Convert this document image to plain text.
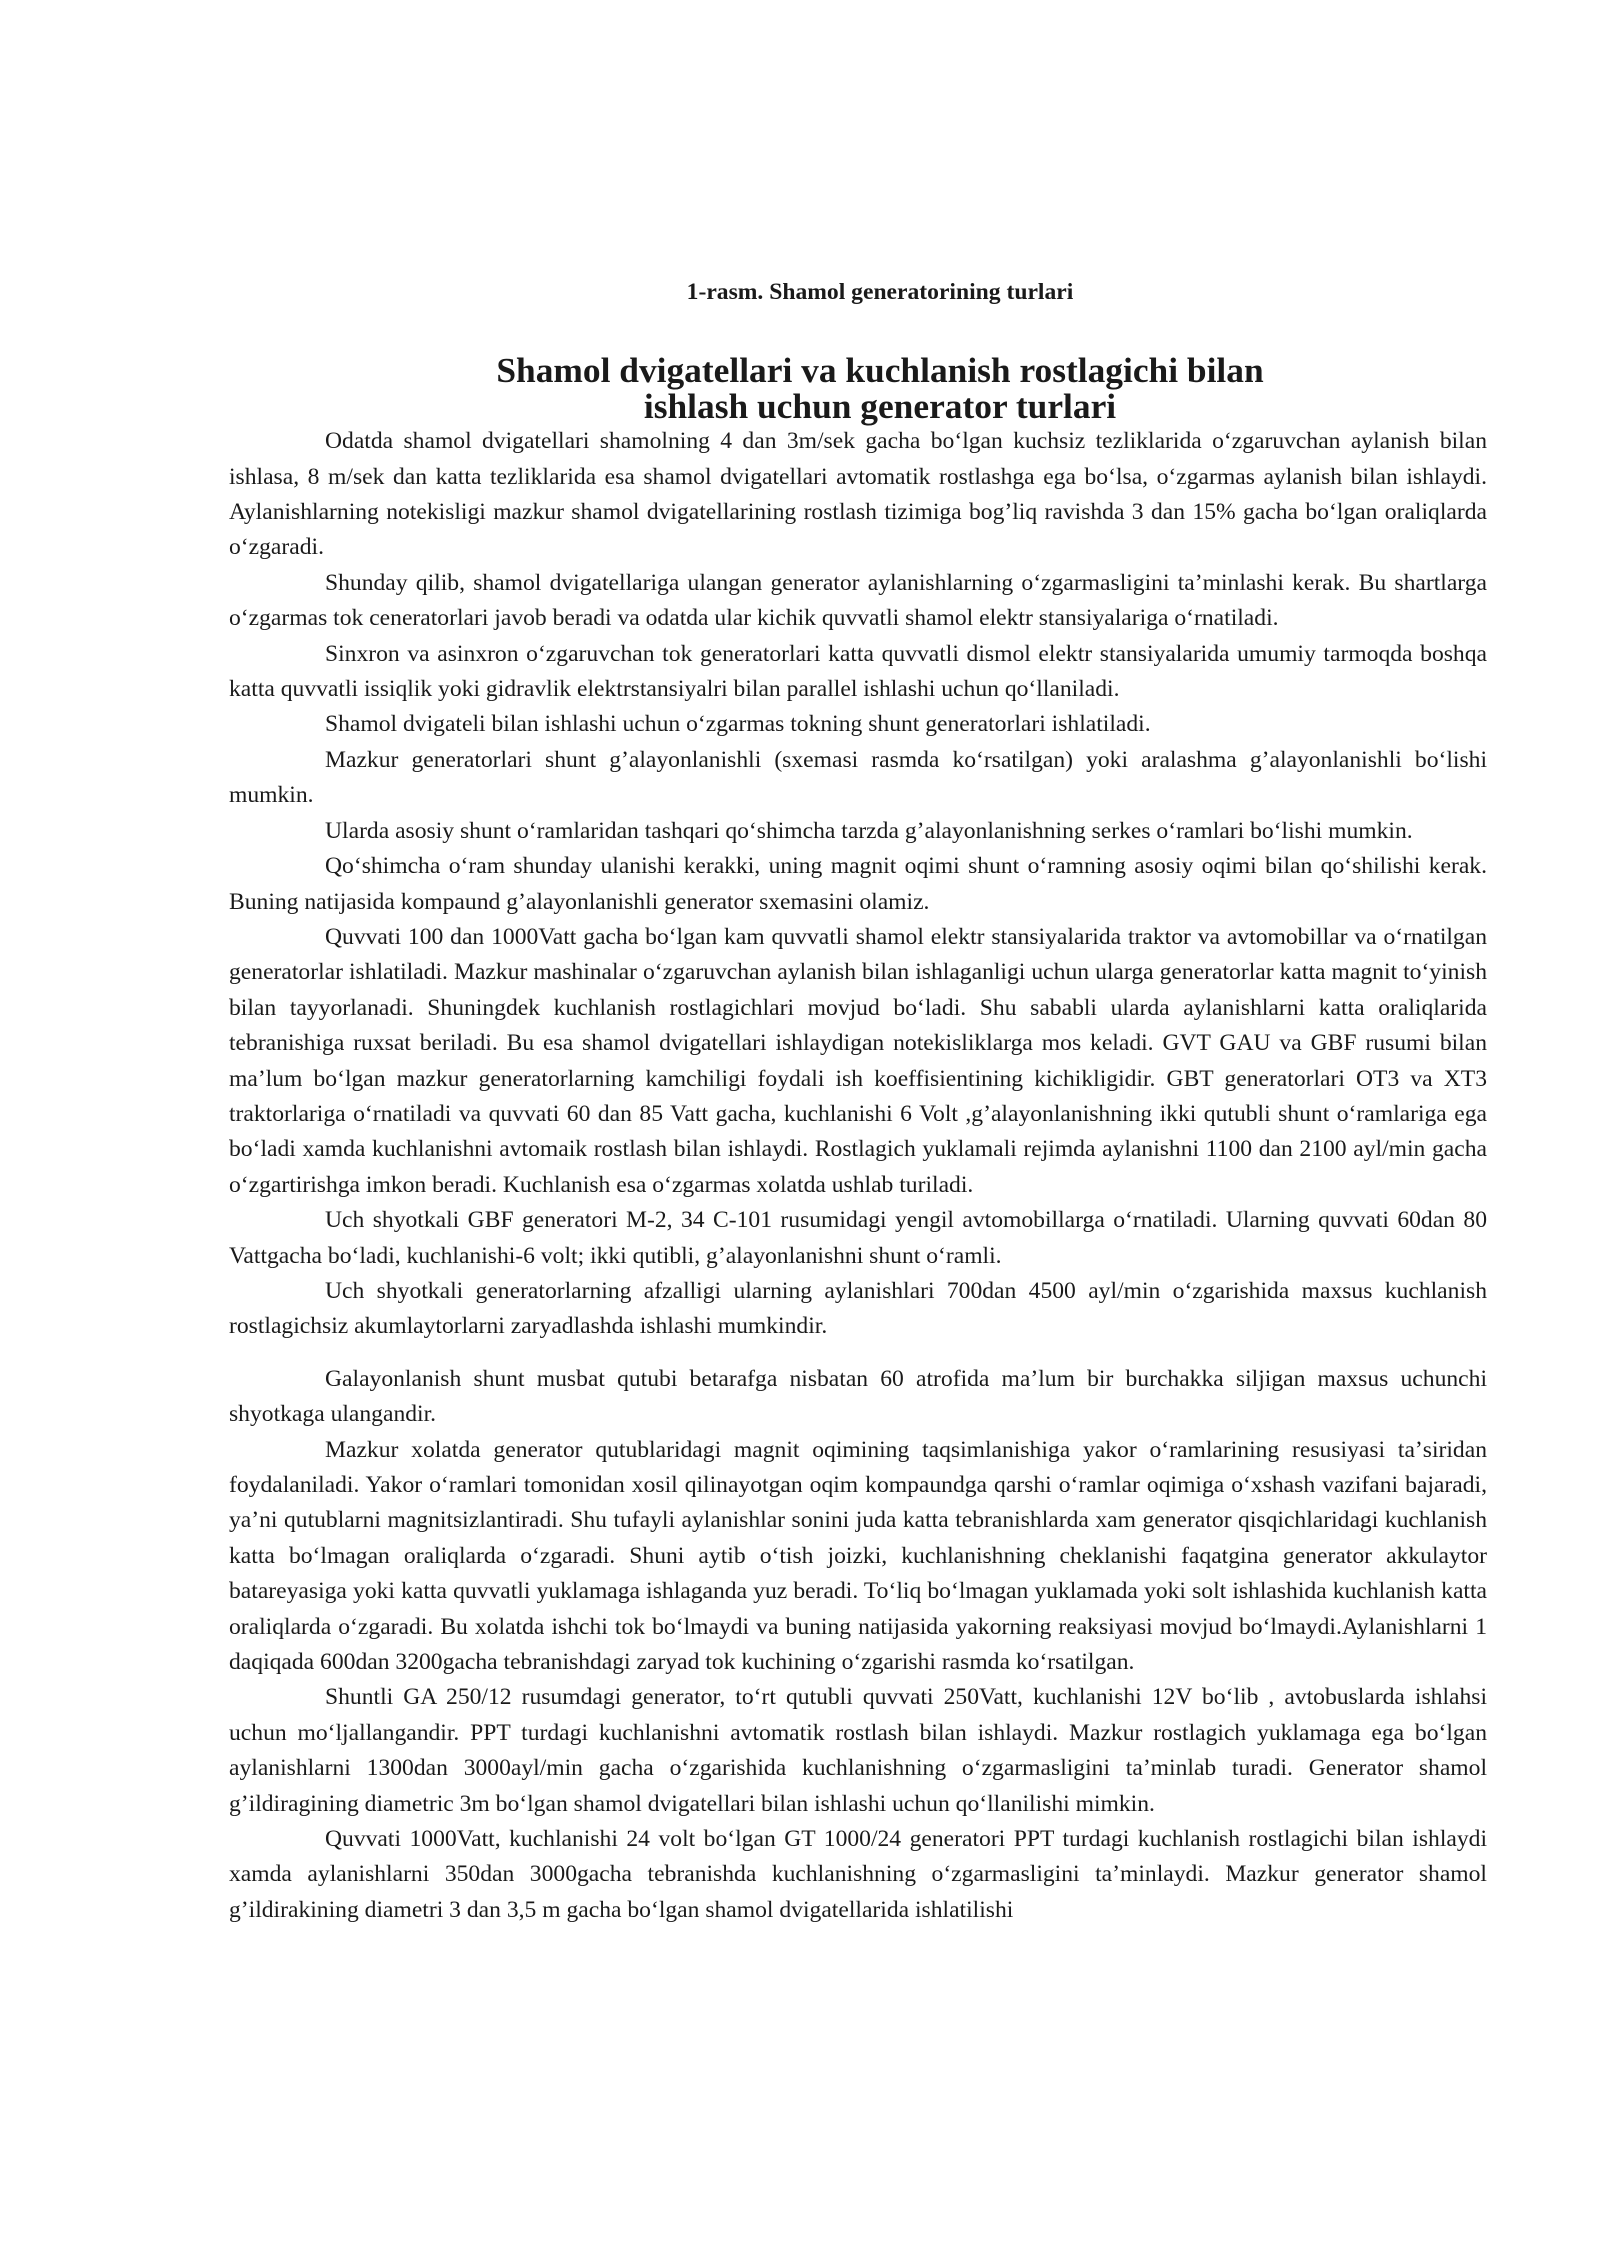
1-rasm. Shamol generatorining turlari

Shamol dvigatellari va kuchlanish rostlagichi bilan
ishlash uchun generator turlari

Odatda shamol dvigatellari shamolning 4 dan 3m/sek gacha boʻlgan kuchsiz tezliklarida oʻzgaruvchan aylanish bilan ishlasa, 8 m/sek dan katta tezliklarida esa shamol dvigatellari avtomatik rostlashga ega boʻlsa, oʻzgarmas aylanish bilan ishlaydi. Aylanishlarning notekisligi mazkur shamol dvigatellarining rostlash tizimiga bogʼliq ravishda 3 dan 15% gacha boʻlgan oraliqlarda oʻzgaradi.

Shunday qilib, shamol dvigatellariga ulangan generator aylanishlarning oʻzgarmasligini taʼminlashi kerak. Bu shartlarga oʻzgarmas tok ceneratorlari javob beradi va odatda ular kichik quvvatli shamol elektr stansiyalariga oʻrnatiladi.

Sinxron va asinxron oʻzgaruvchan tok generatorlari katta quvvatli dismol elektr stansiyalarida umumiy tarmoqda boshqa katta quvvatli issiqlik yoki gidravlik elektrstansiyalri bilan parallel ishlashi uchun qoʻllaniladi.

Shamol dvigateli bilan ishlashi uchun oʻzgarmas tokning shunt generatorlari ishlatiladi.

Mazkur generatorlari shunt gʼalayonlanishli (sxemasi rasmda koʻrsatilgan) yoki aralashma gʼalayonlanishli boʻlishi mumkin.

Ularda asosiy shunt oʻramlaridan tashqari qoʻshimcha tarzda gʼalayonlanishning serkes oʻramlari boʻlishi mumkin.

Qoʻshimcha oʻram shunday ulanishi kerakki, uning magnit oqimi shunt oʻramning asosiy oqimi bilan qoʻshilishi kerak. Buning natijasida kompaund gʼalayonlanishli generator sxemasini olamiz.

Quvvati 100 dan 1000Vatt gacha boʻlgan kam quvvatli shamol elektr stansiyalarida traktor va avtomobillar va oʻrnatilgan generatorlar ishlatiladi. Mazkur mashinalar oʻzgaruvchan aylanish bilan ishlaganligi uchun ularga generatorlar katta magnit toʻyinish bilan tayyorlanadi. Shuningdek kuchlanish rostlagichlari movjud boʻladi. Shu sababli ularda aylanishlarni katta oraliqlarida tebranishiga ruxsat beriladi. Bu esa shamol dvigatellari ishlaydigan notekisliklarga mos keladi. GVT GAU va GBF rusumi bilan maʼlum boʻlgan mazkur generatorlarning kamchiligi foydali ish koeffisientining kichikligidir. GBT generatorlari OT3 va XT3 traktorlariga oʻrnatiladi va quvvati 60 dan 85 Vatt gacha, kuchlanishi 6 Volt ,gʼalayonlanishning ikki qutubli shunt oʻramlariga ega boʻladi xamda kuchlanishni avtomaik rostlash bilan ishlaydi. Rostlagich yuklamali rejimda aylanishni 1100 dan 2100 ayl/min gacha oʻzgartirishga imkon beradi. Kuchlanish esa oʻzgarmas xolatda ushlab turiladi.

Uch shyotkali GBF generatori M-2, 34 C-101 rusumidagi yengil avtomobillarga oʻrnatiladi. Ularning quvvati 60dan 80 Vattgacha boʻladi, kuchlanishi-6 volt; ikki qutibli, gʼalayonlanishni shunt oʻramli.

Uch shyotkali generatorlarning afzalligi ularning aylanishlari 700dan 4500 ayl/min oʻzgarishida maxsus kuchlanish rostlagichsiz akumlaytorlarni zaryadlashda ishlashi mumkindir.

Galayonlanish shunt musbat qutubi betarafga nisbatan 60 atrofida maʼlum bir burchakka siljigan maxsus uchunchi shyotkaga ulangandir.

Mazkur xolatda generator qutublaridagi magnit oqimining taqsimlanishiga yakor oʻramlarining resusiyasi taʼsiridan foydalaniladi. Yakor oʻramlari tomonidan xosil qilinayotgan oqim kompaundga qarshi oʻramlar oqimiga oʻxshash vazifani bajaradi, yaʼni qutublarni magnitsizlantiradi. Shu tufayli aylanishlar sonini juda katta tebranishlarda xam generator qisqichlaridagi kuchlanish katta boʻlmagan oraliqlarda oʻzgaradi. Shuni aytib oʻtish joizki, kuchlanishning cheklanishi faqatgina generator akkulaytor batareyasiga yoki katta quvvatli yuklamaga ishlaganda yuz beradi. Toʻliq boʻlmagan yuklamada yoki solt ishlashida kuchlanish katta oraliqlarda oʻzgaradi. Bu xolatda ishchi tok boʻlmaydi va buning natijasida yakorning reaksiyasi movjud boʻlmaydi.Aylanishlarni 1 daqiqada 600dan 3200gacha tebranishdagi zaryad tok kuchining oʻzgarishi rasmda koʻrsatilgan.

Shuntli GA 250/12 rusumdagi generator, toʻrt qutubli quvvati 250Vatt, kuchlanishi 12V boʻlib , avtobuslarda ishlahsi uchun moʻljallangandir. PPT turdagi kuchlanishni avtomatik rostlash bilan ishlaydi. Mazkur rostlagich yuklamaga ega boʻlgan aylanishlarni 1300dan 3000ayl/min gacha oʻzgarishida kuchlanishning oʻzgarmasligini taʼminlab turadi. Generator shamol gʼildiragining diametric 3m boʻlgan shamol dvigatellari bilan ishlashi uchun qoʻllanilishi mimkin.

Quvvati 1000Vatt, kuchlanishi 24 volt boʻlgan GT 1000/24 generatori PPT turdagi kuchlanish rostlagichi bilan ishlaydi xamda aylanishlarni 350dan 3000gacha tebranishda kuchlanishning oʻzgarmasligini taʼminlaydi. Mazkur generator shamol gʼildirakining diametri 3 dan 3,5 m gacha boʻlgan shamol dvigatellarida ishlatilishi
